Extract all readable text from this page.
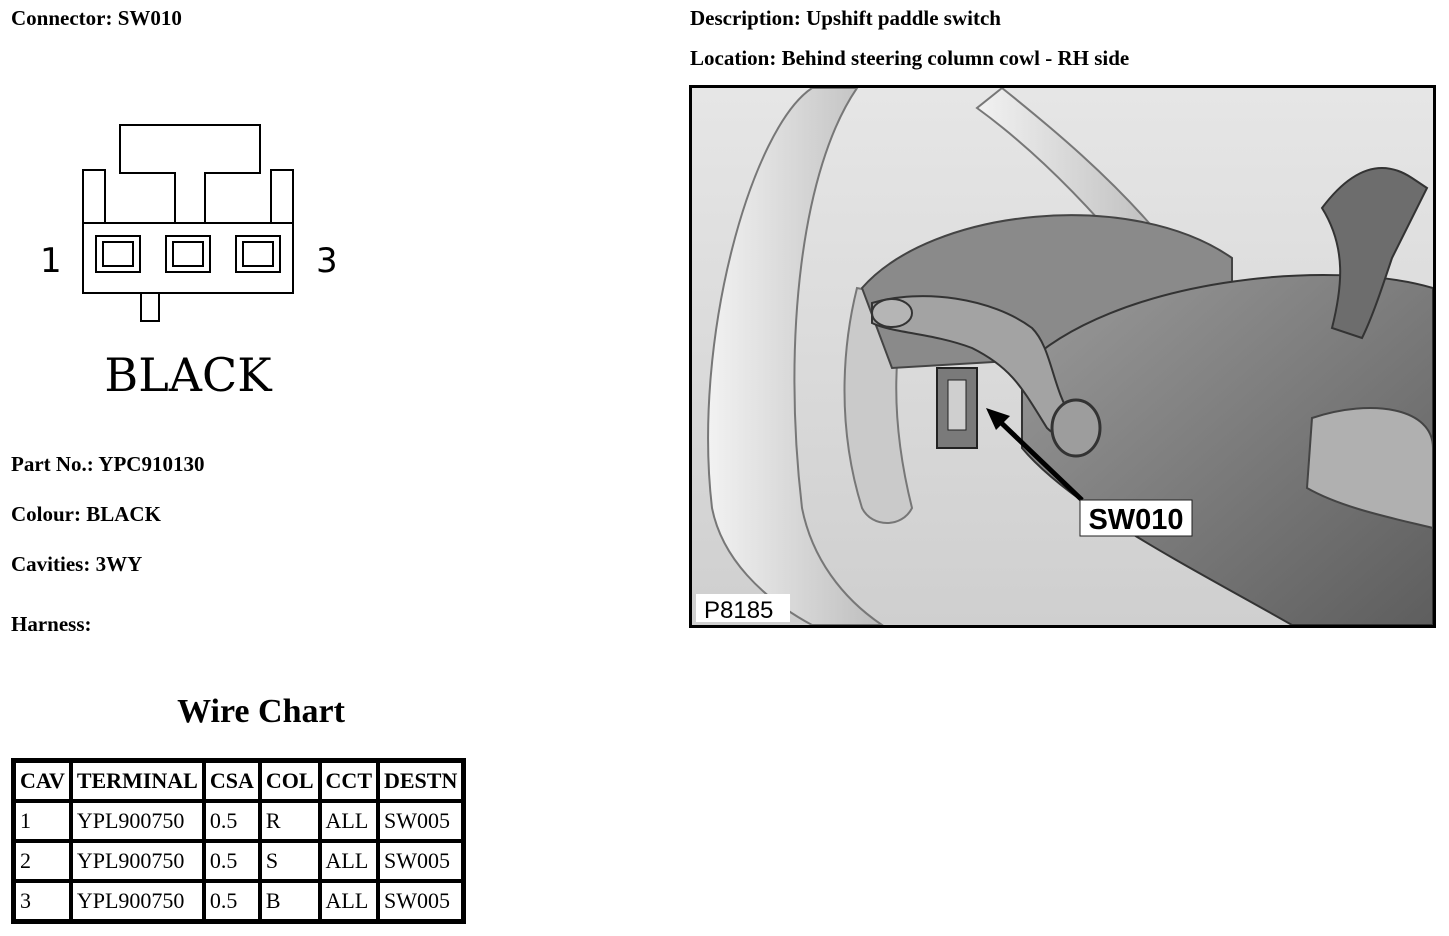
Connector: SW010	Description: Upshift paddle switch
Location: Behind steering column cowl - RH side
1	3
BLACK
Part No.: YPC910130
Colour: BLACK
Cavities: 3WY
Harness:
SW010
P8185
Wire Chart
CAV	TERMINAL	CSA	COL	CCT	DESTN
1	YPL900750	0.5	R	ALL	SW005
2	YPL900750	0.5	S	ALL	SW005
3	YPL900750	0.5	B	ALL	SW005
